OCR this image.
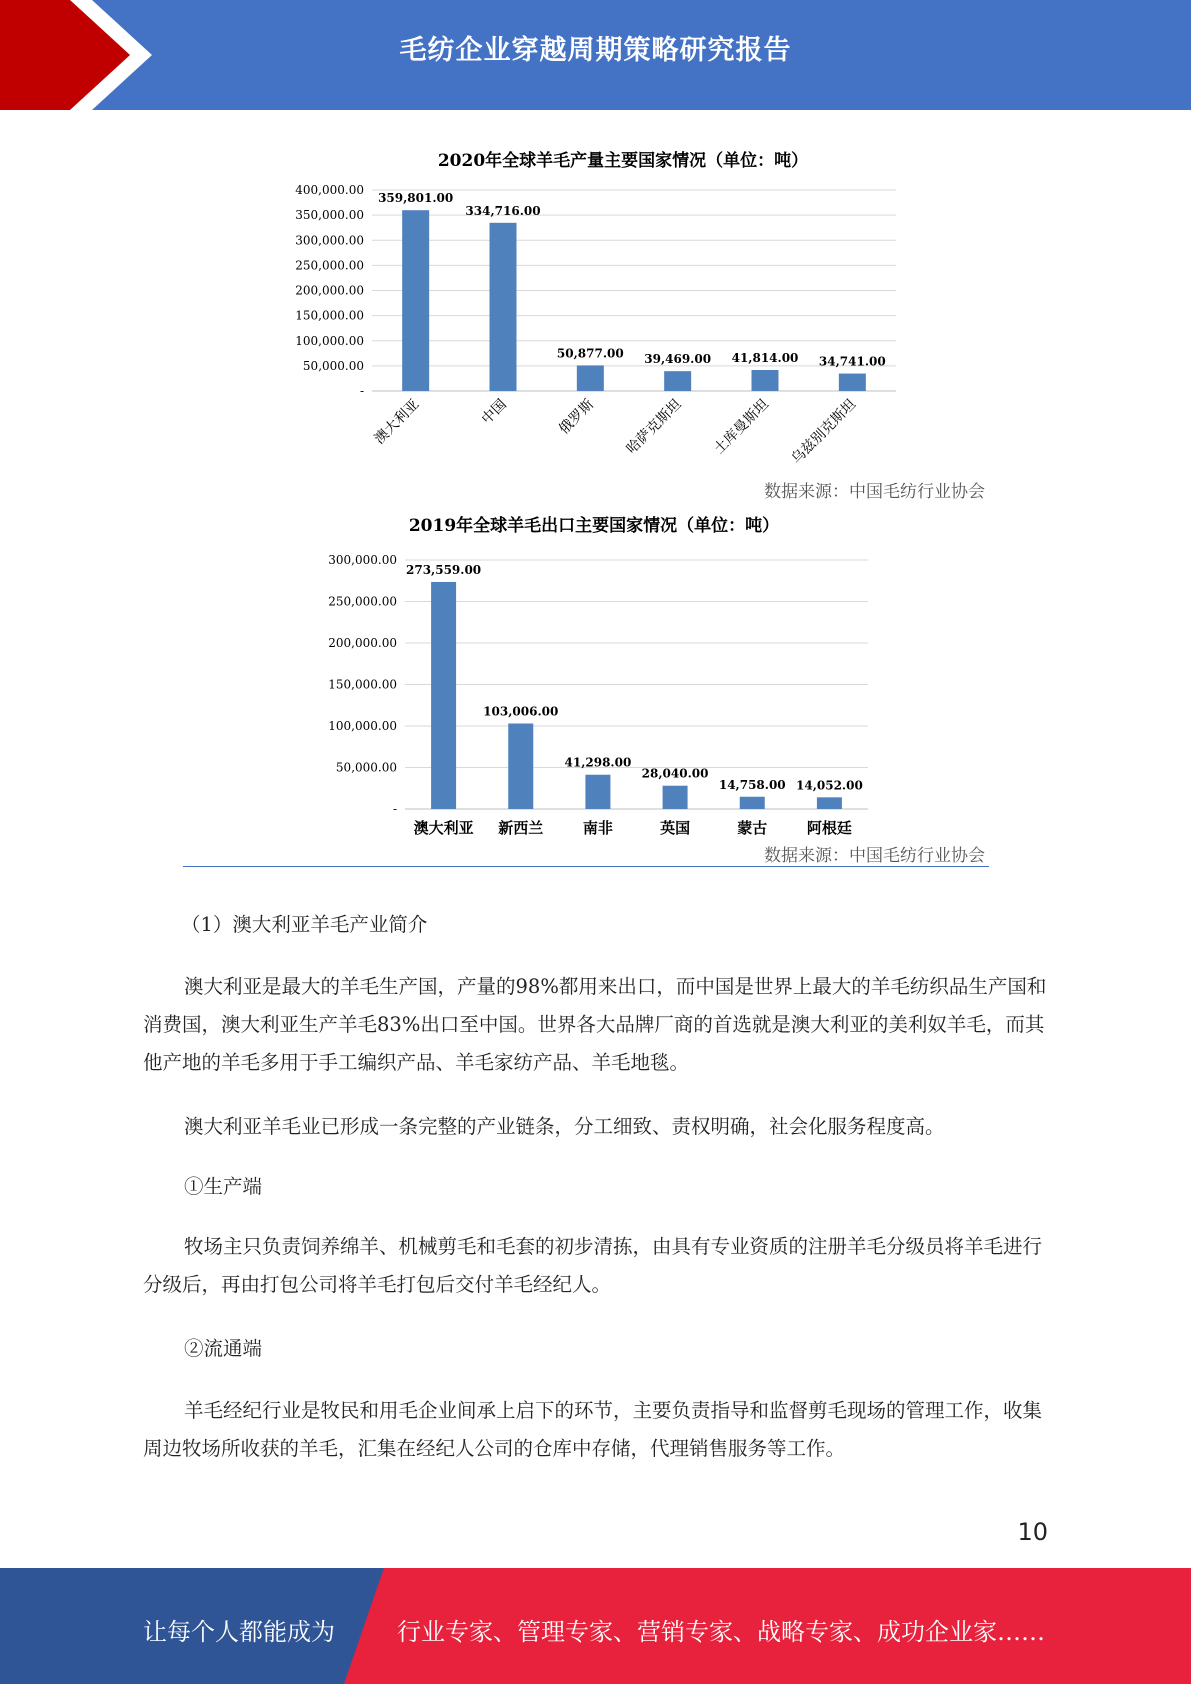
毛纺企业穿越周期策略研究报告
2020年全球羊毛产量主要国家情况（单位：吨）
-
50,000.00
100,000.00
150,000.00
200,000.00
250,000.00
300,000.00
350,000.00
400,000.00
359,801.00
334,716.00
50,877.00 39,469.00 41,814.00 34,741.00
澳大利亚	中国	俄罗斯 哈萨克斯坦 土库曼斯坦 乌兹别克斯坦
数据来源：中国毛纺行业协会
2019年全球羊毛出口主要国家情况（单位：吨）
-
50,000.00
100,000.00
150,000.00
200,000.00
250,000.00
300,000.00
273,559.00
103,006.00
41,298.00
28,040.00
14,758.00 14,052.00
澳大利亚 新西兰	南非	英国	蒙古	阿根廷
数据来源：中国毛纺行业协会

（1）澳大利亚羊毛产业简介

澳大利亚是最大的羊毛生产国，产量的98%都用来出口，而中国是世界上最大的羊毛纺织品生产国和消费国，澳大利亚生产羊毛83%出口至中国。世界各大品牌厂商的首选就是澳大利亚的美利奴羊毛，而其他产地的羊毛多用于手工编织产品、羊毛家纺产品、羊毛地毯。

澳大利亚羊毛业已形成一条完整的产业链条，分工细致、责权明确，社会化服务程度高。

①生产端

牧场主只负责饲养绵羊、机械剪毛和毛套的初步清拣，由具有专业资质的注册羊毛分级员将羊毛进行分级后，再由打包公司将羊毛打包后交付羊毛经纪人。

②流通端

羊毛经纪行业是牧民和用毛企业间承上启下的环节，主要负责指导和监督剪毛现场的管理工作，收集周边牧场所收获的羊毛，汇集在经纪人公司的仓库中存储，代理销售服务等工作。

10
让每个人都能成为	行业专家、管理专家、营销专家、战略专家、成功企业家……
